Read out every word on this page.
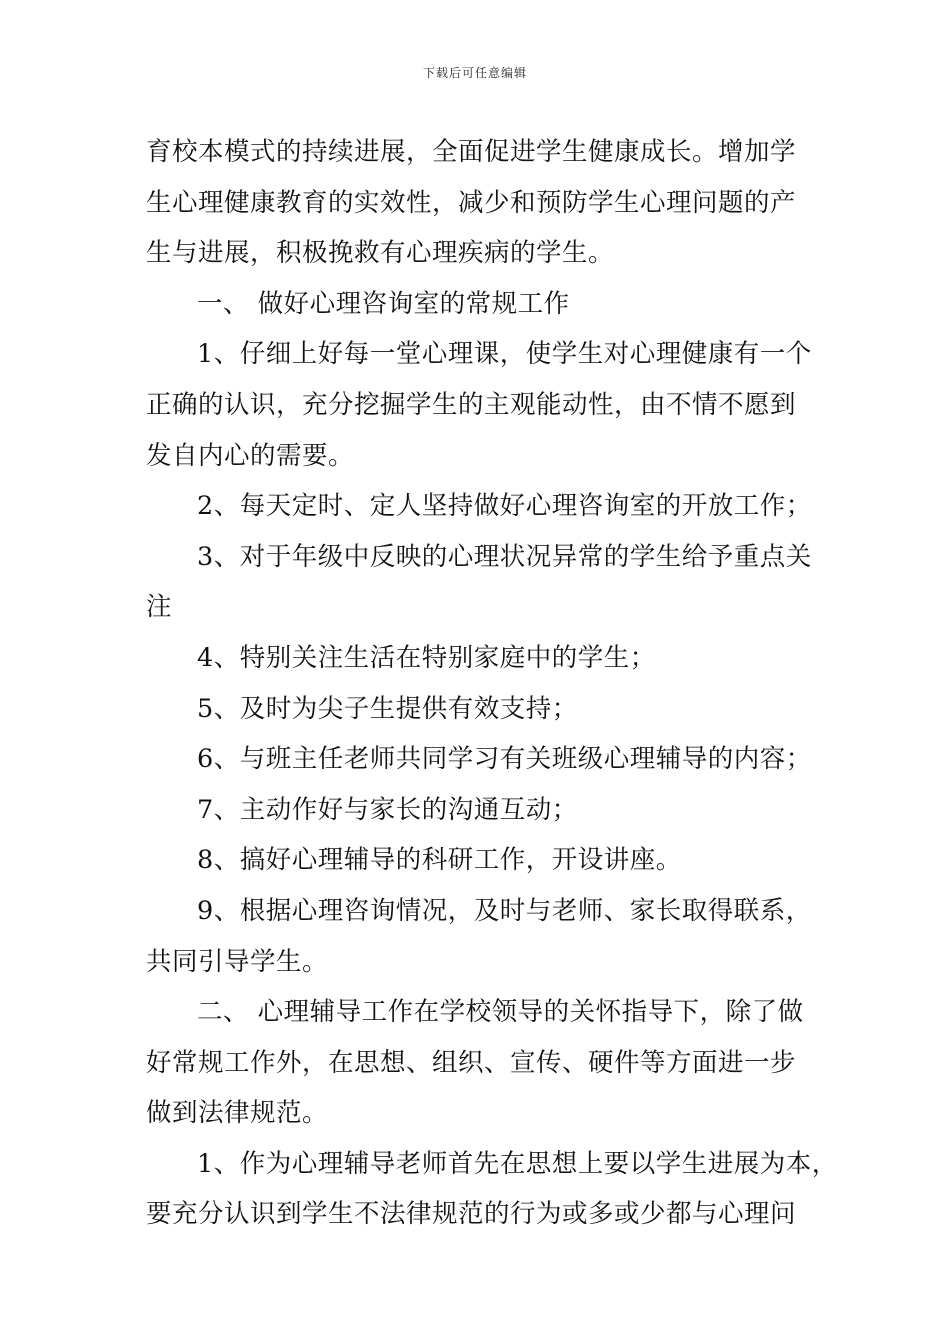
下载后可任意编辑

育校本模式的持续进展，全面促进学生健康成长。增加学

生心理健康教育的实效性，减少和预防学生心理问题的产

生与进展，积极挽救有心理疾病的学生。

一、 做好心理咨询室的常规工作

1、仔细上好每一堂心理课，使学生对心理健康有一个

正确的认识，充分挖掘学生的主观能动性，由不情不愿到

发自内心的需要。

2、每天定时、定人坚持做好心理咨询室的开放工作；

3、对于年级中反映的心理状况异常的学生给予重点关

注

4、特别关注生活在特别家庭中的学生；

5、及时为尖子生提供有效支持；

6、与班主任老师共同学习有关班级心理辅导的内容；

7、主动作好与家长的沟通互动；

8、搞好心理辅导的科研工作，开设讲座。

9、根据心理咨询情况，及时与老师、家长取得联系，

共同引导学生。

二、 心理辅导工作在学校领导的关怀指导下，除了做

好常规工作外，在思想、组织、宣传、硬件等方面进一步

做到法律规范。

1、作为心理辅导老师首先在思想上要以学生进展为本，

要充分认识到学生不法律规范的行为或多或少都与心理问
